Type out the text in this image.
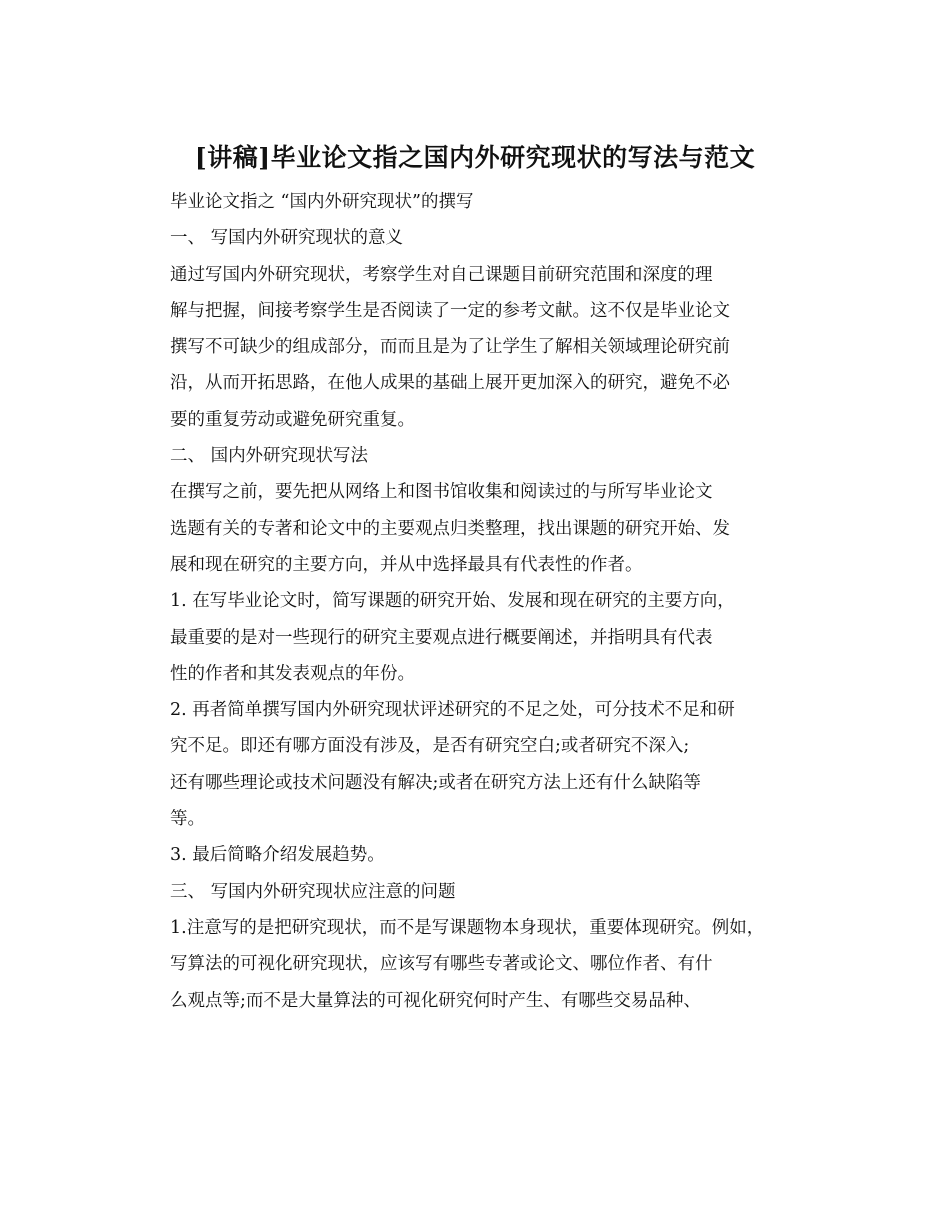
[讲稿]毕业论文指之国内外研究现状的写法与范文
毕业论文指之 “国内外研究现状”的撰写
一、 写国内外研究现状的意义
通过写国内外研究现状，考察学生对自己课题目前研究范围和深度的理
解与把握，间接考察学生是否阅读了一定的参考文献。这不仅是毕业论文
撰写不可缺少的组成部分，而而且是为了让学生了解相关领域理论研究前
沿，从而开拓思路，在他人成果的基础上展开更加深入的研究，避免不必
要的重复劳动或避免研究重复。
二、 国内外研究现状写法
在撰写之前，要先把从网络上和图书馆收集和阅读过的与所写毕业论文
选题有关的专著和论文中的主要观点归类整理，找出课题的研究开始、发
展和现在研究的主要方向，并从中选择最具有代表性的作者。
1. 在写毕业论文时，简写课题的研究开始、发展和现在研究的主要方向，
最重要的是对一些现行的研究主要观点进行概要阐述，并指明具有代表
性的作者和其发表观点的年份。
2. 再者简单撰写国内外研究现状评述研究的不足之处，可分技术不足和研
究不足。即还有哪方面没有涉及，是否有研究空白;或者研究不深入;
还有哪些理论或技术问题没有解决;或者在研究方法上还有什么缺陷等
等。
3. 最后简略介绍发展趋势。
三、 写国内外研究现状应注意的问题
1.注意写的是把研究现状，而不是写课题物本身现状，重要体现研究。例如，
写算法的可视化研究现状，应该写有哪些专著或论文、哪位作者、有什
么观点等;而不是大量算法的可视化研究何时产生、有哪些交易品种、
